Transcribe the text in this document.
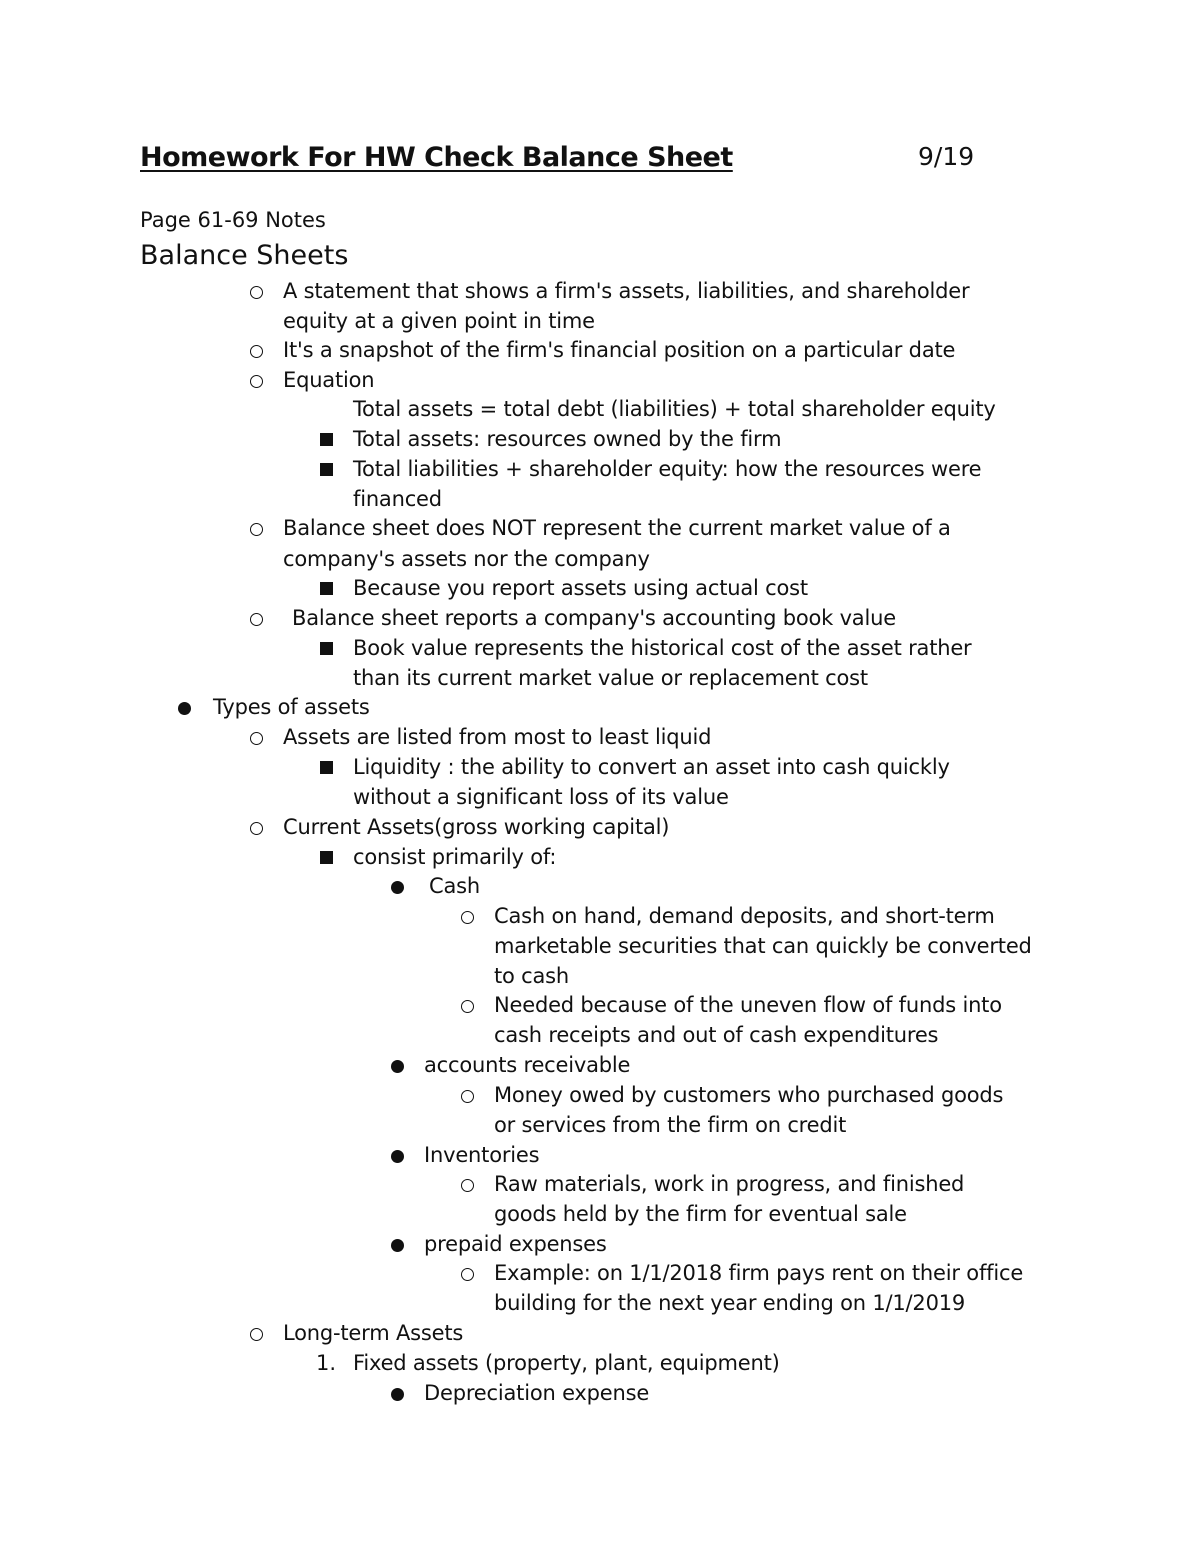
Homework For HW Check Balance Sheet	9/19
Page 61-69 Notes
Balance Sheets
A statement that shows a firm's assets, liabilities, and shareholder
equity at a given point in time
It's a snapshot of the firm's financial position on a particular date
Equation
Total assets = total debt (liabilities) + total shareholder equity
Total assets: resources owned by the firm
Total liabilities + shareholder equity: how the resources were
financed
Balance sheet does NOT represent the current market value of a
company's assets nor the company
Because you report assets using actual cost
Balance sheet reports a company's accounting book value
Book value represents the historical cost of the asset rather
than its current market value or replacement cost
Types of assets
Assets are listed from most to least liquid
Liquidity : the ability to convert an asset into cash quickly
without a significant loss of its value
Current Assets(gross working capital)
consist primarily of:
Cash
Cash on hand, demand deposits, and short-term
marketable securities that can quickly be converted
to cash
Needed because of the uneven flow of funds into
cash receipts and out of cash expenditures
accounts receivable
Money owed by customers who purchased goods
or services from the firm on credit
Inventories
Raw materials, work in progress, and finished
goods held by the firm for eventual sale
prepaid expenses
Example: on 1/1/2018 firm pays rent on their office
building for the next year ending on 1/1/2019
Long-term Assets
1. Fixed assets (property, plant, equipment)
Depreciation expense
